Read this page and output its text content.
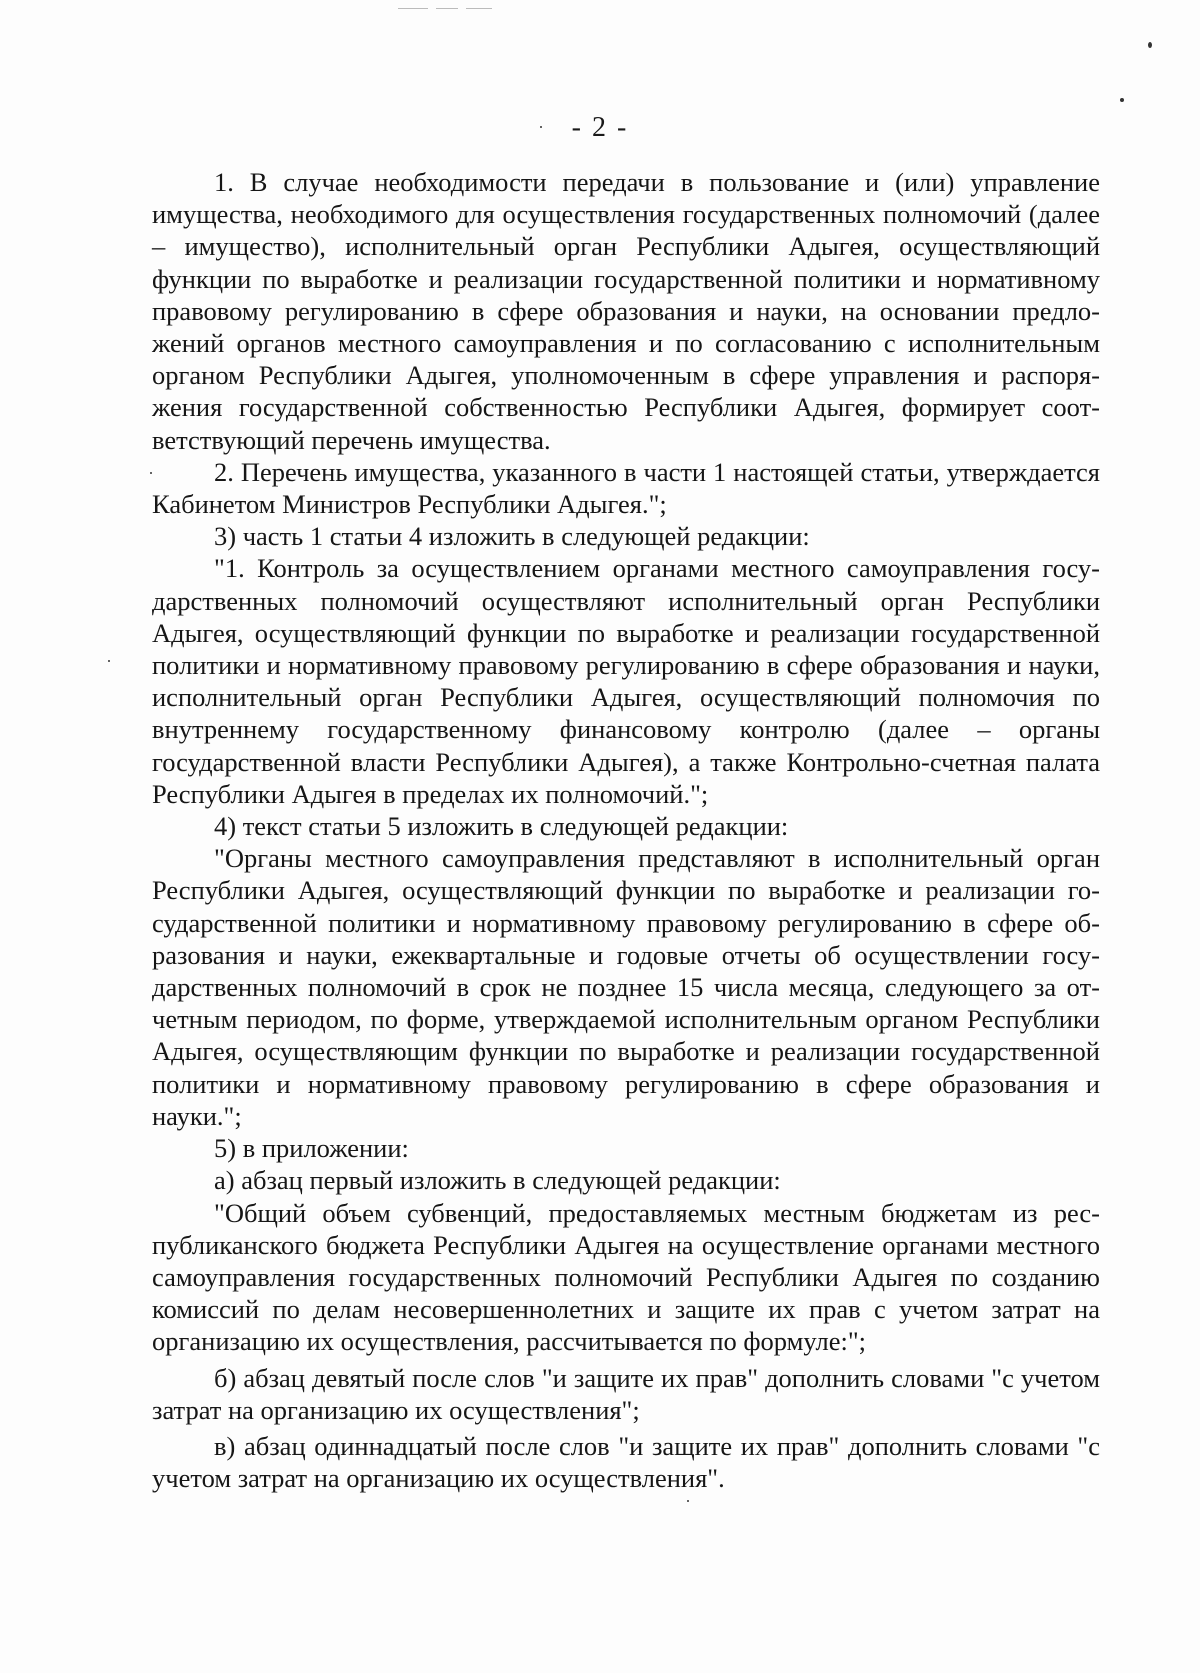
- 2 -

1. В случае необходимости передачи в пользование и (или) управление имущества, необходимого для осуществления государственных полномочий (далее – имущество), исполнительный орган Республики Адыгея, осуществляющий функции по выработке и реализации государственной политики и нормативному правовому регулированию в сфере образования и науки, на основании предложений органов местного самоуправления и по согласованию с исполнительным органом Республики Адыгея, уполномоченным в сфере управления и распоряжения государственной собственностью Республики Адыгея, формирует соответствующий перечень имущества.

2. Перечень имущества, указанного в части 1 настоящей статьи, утверждается Кабинетом Министров Республики Адыгея.";

3) часть 1 статьи 4 изложить в следующей редакции:

"1. Контроль за осуществлением органами местного самоуправления государственных полномочий осуществляют исполнительный орган Республики Адыгея, осуществляющий функции по выработке и реализации государственной политики и нормативному правовому регулированию в сфере образования и науки, исполнительный орган Республики Адыгея, осуществляющий полномочия по внутреннему государственному финансовому контролю (далее – органы государственной власти Республики Адыгея), а также Контрольно-счетная палата Республики Адыгея в пределах их полномочий.";

4) текст статьи 5 изложить в следующей редакции:

"Органы местного самоуправления представляют в исполнительный орган Республики Адыгея, осуществляющий функции по выработке и реализации государственной политики и нормативному правовому регулированию в сфере образования и науки, ежеквартальные и годовые отчеты об осуществлении государственных полномочий в срок не позднее 15 числа месяца, следующего за отчетным периодом, по форме, утверждаемой исполнительным органом Республики Адыгея, осуществляющим функции по выработке и реализации государственной политики и нормативному правовому регулированию в сфере образования и науки.";

5) в приложении:

а) абзац первый изложить в следующей редакции:

"Общий объем субвенций, предоставляемых местным бюджетам из республиканского бюджета Республики Адыгея на осуществление органами местного самоуправления государственных полномочий Республики Адыгея по созданию комиссий по делам несовершеннолетних и защите их прав с учетом затрат на организацию их осуществления, рассчитывается по формуле:";

б) абзац девятый после слов "и защите их прав" дополнить словами "с учетом затрат на организацию их осуществления";

в) абзац одиннадцатый после слов "и защите их прав" дополнить словами "с учетом затрат на организацию их осуществления".
